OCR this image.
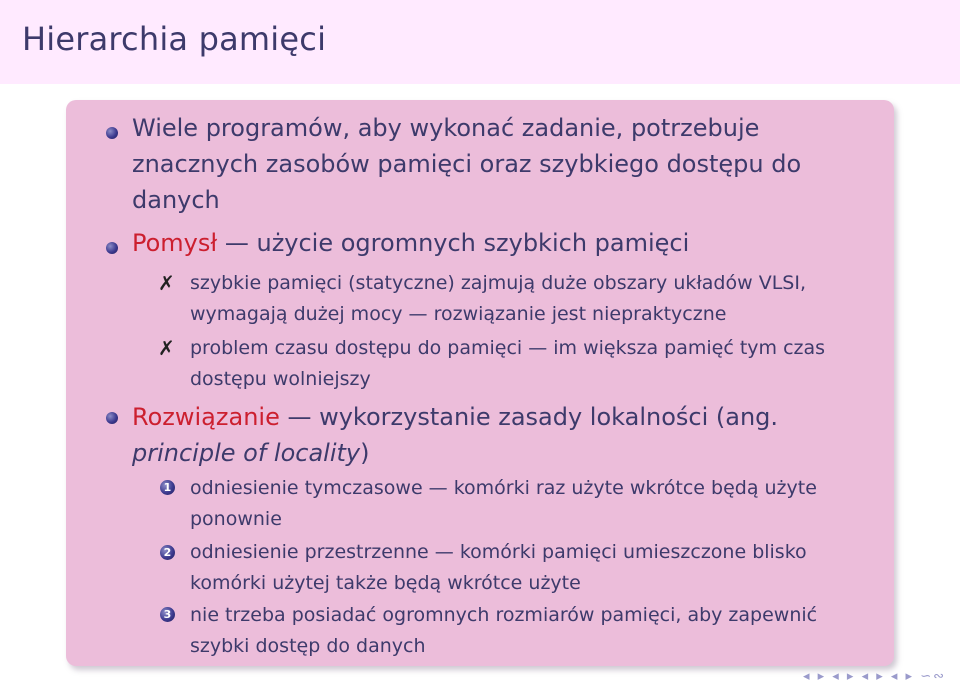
Hierarchia pamięci
Wiele programów, aby wykonać zadanie, potrzebuje znacznych zasobów pamięci oraz szybkiego dostępu do danych
Pomysł — użycie ogromnych szybkich pamięci
✗ szybkie pamięci (statyczne) zajmują duże obszary układów VLSI, wymagają dużej mocy — rozwiązanie jest niepraktyczne
✗ problem czasu dostępu do pamięci — im większa pamięć tym czas dostępu wolniejszy
Rozwiązanie — wykorzystanie zasady lokalności (ang. principle of locality)
1 odniesienie tymczasowe — komórki raz użyte wkrótce będą użyte ponownie
2 odniesienie przestrzenne — komórki pamięci umieszczone blisko komórki użytej także będą wkrótce użyte
3 nie trzeba posiadać ogromnych rozmiarów pamięci, aby zapewnić szybki dostęp do danych
◂ ▸ ◂ ▸ ◂ ▸ ◂ ▸ ∽∾
